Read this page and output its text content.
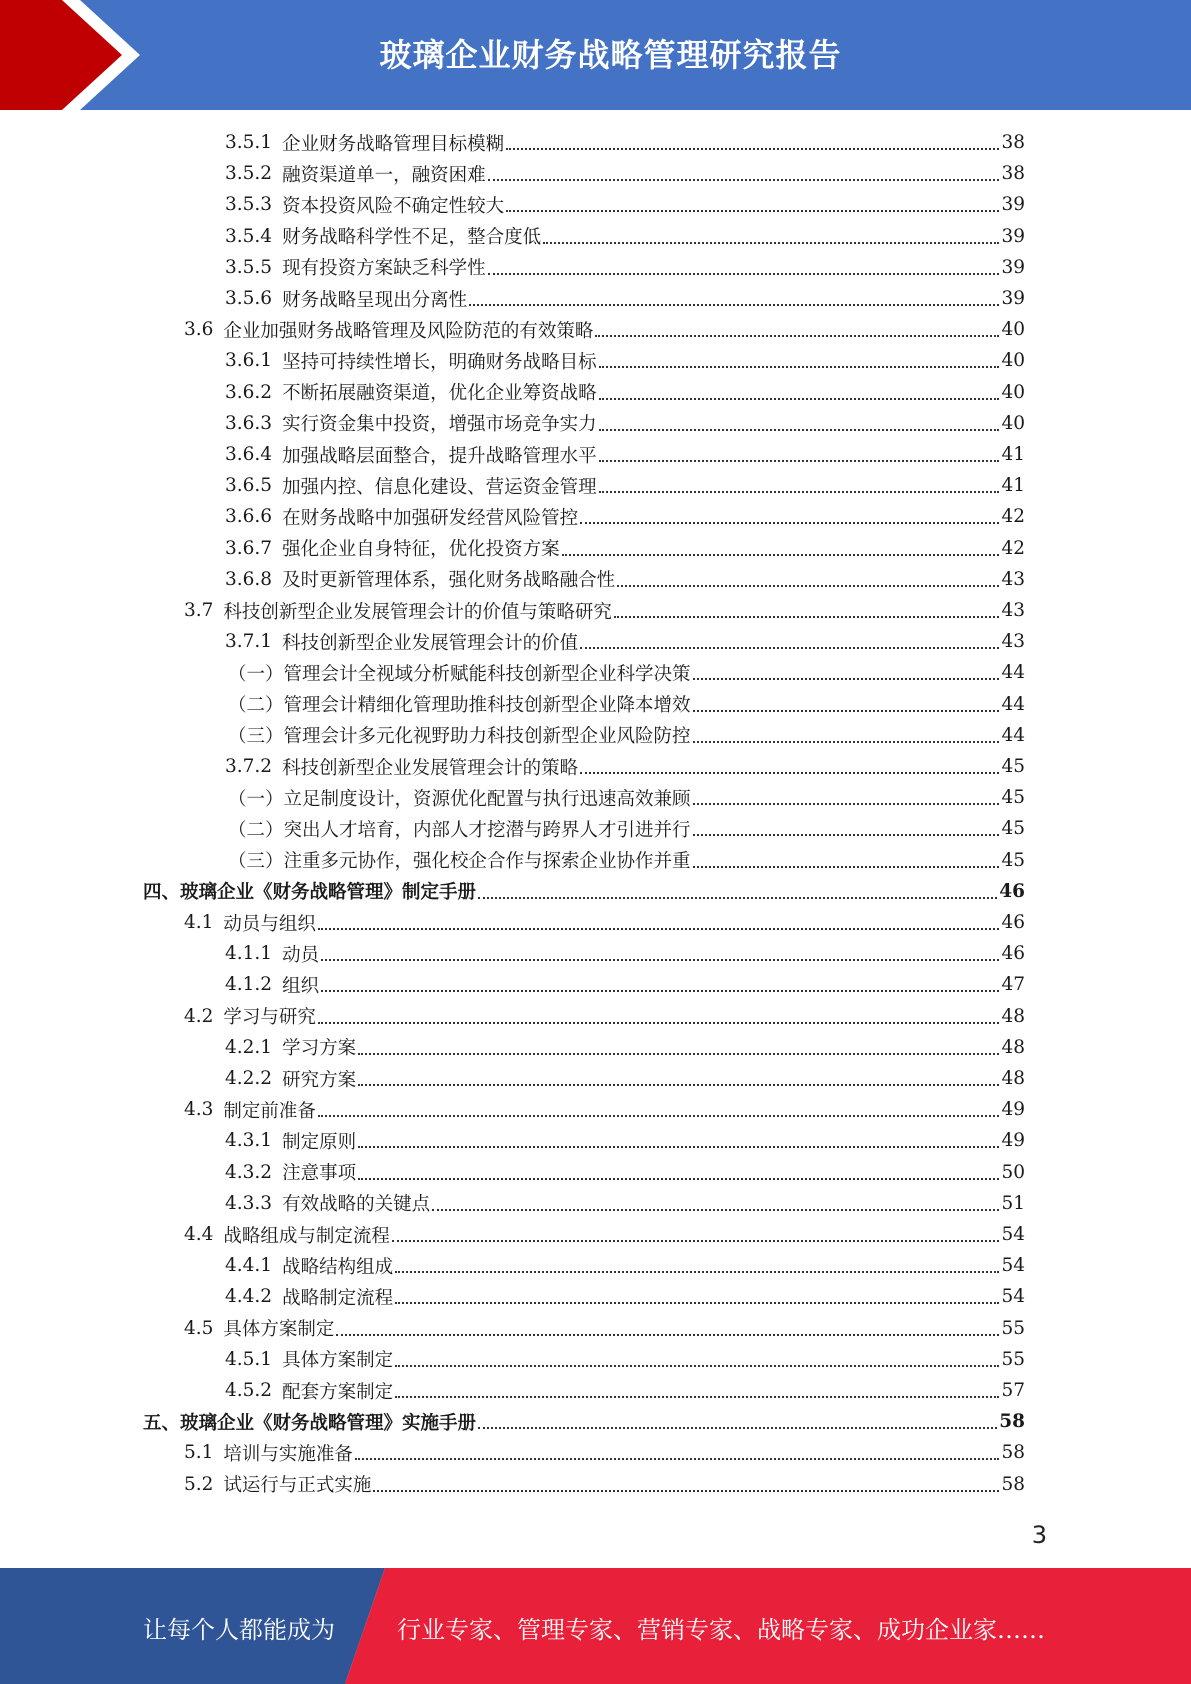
玻璃企业财务战略管理研究报告
3.5.1 企业财务战略管理目标模糊	38
3.5.2 融资渠道单一，融资困难	38
3.5.3 资本投资风险不确定性较大	39
3.5.4 财务战略科学性不足，整合度低	39
3.5.5 现有投资方案缺乏科学性	39
3.5.6 财务战略呈现出分离性	39
3.6 企业加强财务战略管理及风险防范的有效策略	40
3.6.1 坚持可持续性增长，明确财务战略目标	40
3.6.2 不断拓展融资渠道，优化企业筹资战略	40
3.6.3 实行资金集中投资，增强市场竞争实力	40
3.6.4 加强战略层面整合，提升战略管理水平	41
3.6.5 加强内控、信息化建设、营运资金管理	41
3.6.6 在财务战略中加强研发经营风险管控	42
3.6.7 强化企业自身特征，优化投资方案	42
3.6.8 及时更新管理体系，强化财务战略融合性	43
3.7 科技创新型企业发展管理会计的价值与策略研究	43
3.7.1 科技创新型企业发展管理会计的价值	43
（一）管理会计全视域分析赋能科技创新型企业科学决策	44
（二）管理会计精细化管理助推科技创新型企业降本增效	44
（三）管理会计多元化视野助力科技创新型企业风险防控	44
3.7.2 科技创新型企业发展管理会计的策略	45
（一）立足制度设计，资源优化配置与执行迅速高效兼顾	45
（二）突出人才培育，内部人才挖潜与跨界人才引进并行	45
（三）注重多元协作，强化校企合作与探索企业协作并重	45
四、玻璃企业《财务战略管理》制定手册	46
4.1 动员与组织	46
4.1.1 动员	46
4.1.2 组织	47
4.2 学习与研究	48
4.2.1 学习方案	48
4.2.2 研究方案	48
4.3 制定前准备	49
4.3.1 制定原则	49
4.3.2 注意事项	50
4.3.3 有效战略的关键点	51
4.4 战略组成与制定流程	54
4.4.1 战略结构组成	54
4.4.2 战略制定流程	54
4.5 具体方案制定	55
4.5.1 具体方案制定	55
4.5.2 配套方案制定	57
五、玻璃企业《财务战略管理》实施手册	58
5.1 培训与实施准备	58
5.2 试运行与正式实施	58
3
让每个人都能成为	行业专家、管理专家、营销专家、战略专家、成功企业家……
